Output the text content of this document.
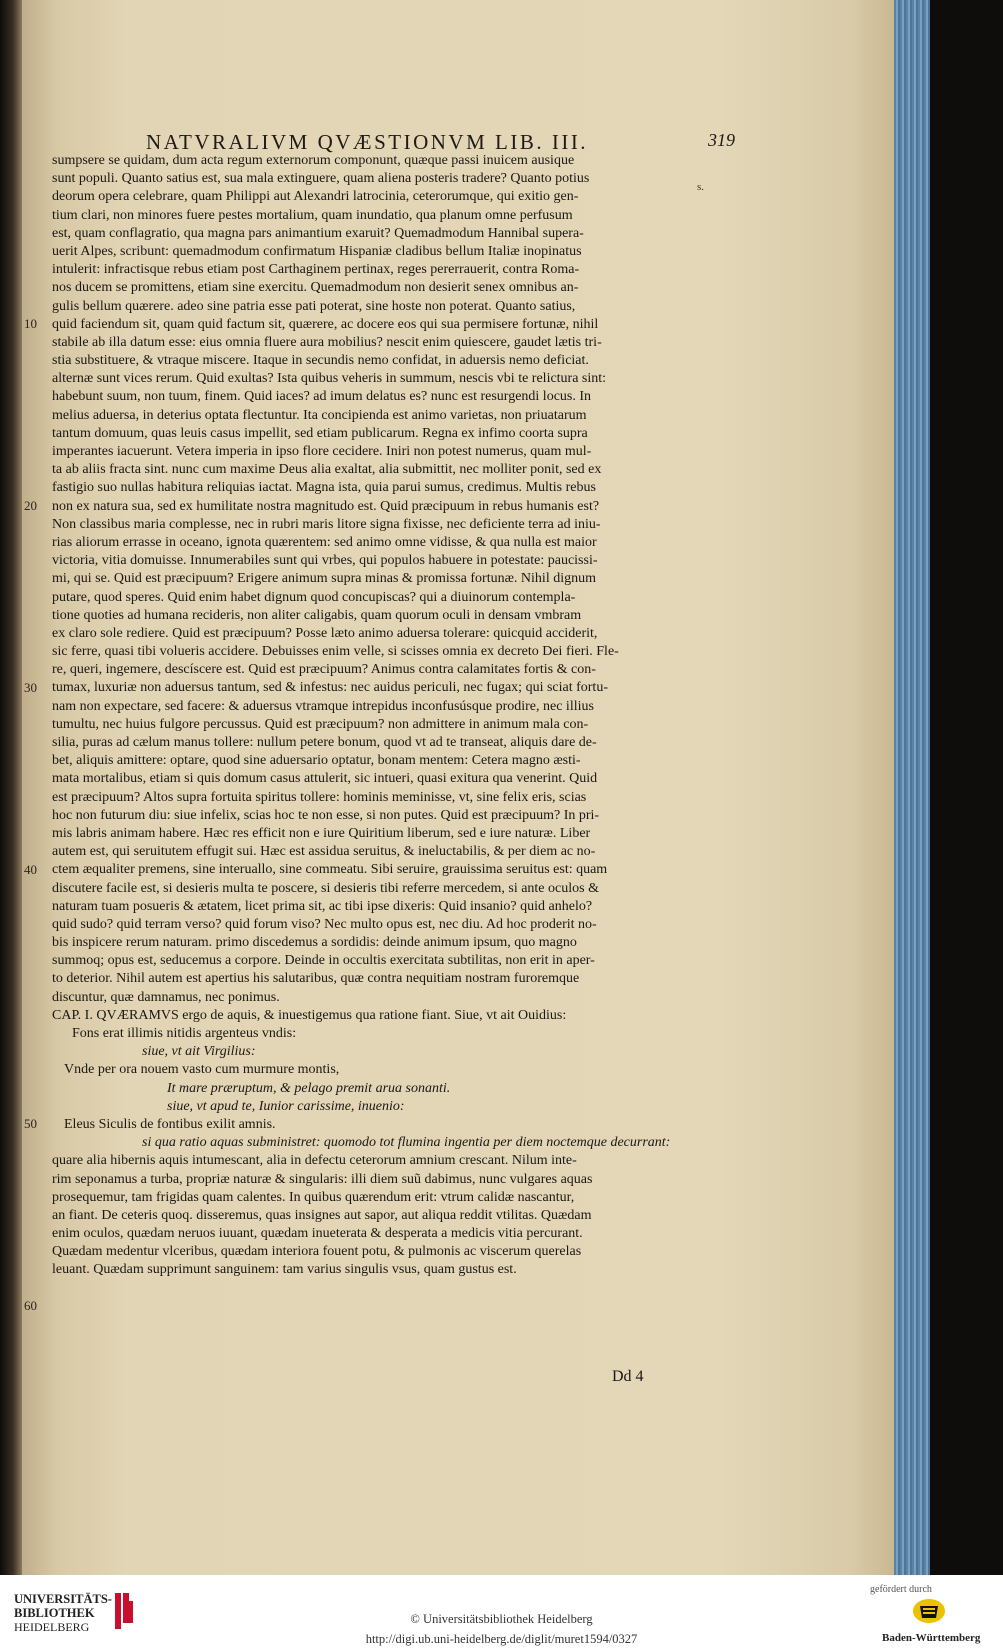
NATVRALIVM QVÆSTIONVM LIB. III.	319
s.
sumpsere se quidam, dum acta regum externorum componunt, quæque passi inuicem ausique
sunt populi. Quanto satius est, sua mala extinguere, quam aliena posteris tradere? Quanto potius
deorum opera celebrare, quam Philippi aut Alexandri latrocinia, ceterorumque, qui exitio gen-
tium clari, non minores fuere pestes mortalium, quam inundatio, qua planum omne perfusum
est, quam conflagratio, qua magna pars animantium exaruit? Quemadmodum Hannibal supera-
uerit Alpes, scribunt: quemadmodum confirmatum Hispaniæ cladibus bellum Italiæ inopinatus
intulerit: infractisque rebus etiam post Carthaginem pertinax, reges pererrauerit, contra Roma-
nos ducem se promittens, etiam sine exercitu. Quemadmodum non desierit senex omnibus an-
gulis bellum quærere. adeo sine patria esse pati poterat, sine hoste non poterat. Quanto satius,
quid faciendum sit, quam quid factum sit, quærere, ac docere eos qui sua permisere fortunæ, nihil
stabile ab illa datum esse: eius omnia fluere aura mobilius? nescit enim quiescere, gaudet lætis tri-
stia substituere, & vtraque miscere. Itaque in secundis nemo confidat, in aduersis nemo deficiat.
alternæ sunt vices rerum. Quid exultas? Ista quibus veheris in summum, nescis vbi te relictura sint:
habebunt suum, non tuum, finem. Quid iaces? ad imum delatus es? nunc est resurgendi locus. In
melius aduersa, in deterius optata flectuntur. Ita concipienda est animo varietas, non priuatarum
tantum domuum, quas leuis casus impellit, sed etiam publicarum. Regna ex infimo coorta supra
imperantes iacuerunt. Vetera imperia in ipso flore cecidere. Iniri non potest numerus, quam mul-
ta ab aliis fracta sint. nunc cum maxime Deus alia exaltat, alia submittit, nec molliter ponit, sed ex
fastigio suo nullas habitura reliquias iactat. Magna ista, quia parui sumus, credimus. Multis rebus
non ex natura sua, sed ex humilitate nostra magnitudo est. Quid præcipuum in rebus humanis est?
Non classibus maria complesse, nec in rubri maris litore signa fixisse, nec deficiente terra ad iniu-
rias aliorum errasse in oceano, ignota quærentem: sed animo omne vidisse, & qua nulla est maior
victoria, vitia domuisse. Innumerabiles sunt qui vrbes, qui populos habuere in potestate: paucissi-
mi, qui se. Quid est præcipuum? Erigere animum supra minas & promissa fortunæ. Nihil dignum
putare, quod speres. Quid enim habet dignum quod concupiscas? qui a diuinorum contempla-
tione quoties ad humana recideris, non aliter caligabis, quam quorum oculi in densam vmbram
ex claro sole rediere. Quid est præcipuum? Posse læto animo aduersa tolerare: quicquid acciderit,
sic ferre, quasi tibi volueris accidere. Debuisses enim velle, si scisses omnia ex decreto Dei fieri. Fle-
re, queri, ingemere, descíscere est. Quid est præcipuum? Animus contra calamitates fortis & con-
tumax, luxuriæ non aduersus tantum, sed & infestus: nec auidus periculi, nec fugax; qui sciat fortu-
nam non expectare, sed facere: & aduersus vtramque intrepidus inconfusúsque prodire, nec illius
tumultu, nec huius fulgore percussus. Quid est præcipuum? non admittere in animum mala con-
silia, puras ad cælum manus tollere: nullum petere bonum, quod vt ad te transeat, aliquis dare de-
bet, aliquis amittere: optare, quod sine aduersario optatur, bonam mentem: Cetera magno æsti-
mata mortalibus, etiam si quis domum casus attulerit, sic intueri, quasi exitura qua venerint. Quid
est præcipuum? Altos supra fortuita spiritus tollere: hominis meminisse, vt, sine felix eris, scias
hoc non futurum diu: siue infelix, scias hoc te non esse, si non putes. Quid est præcipuum? In pri-
mis labris animam habere. Hæc res efficit non e iure Quiritium liberum, sed e iure naturæ. Liber
autem est, qui seruitutem effugit sui. Hæc est assidua seruitus, & ineluctabilis, & per diem ac no-
ctem æqualiter premens, sine interuallo, sine commeatu. Sibi seruire, grauissima seruitus est: quam
discutere facile est, si desieris multa te poscere, si desieris tibi referre mercedem, si ante oculos &
naturam tuam posueris & ætatem, licet prima sit, ac tibi ipse dixeris: Quid insanio? quid anhelo?
quid sudo? quid terram verso? quid forum viso? Nec multo opus est, nec diu. Ad hoc proderit no-
bis inspicere rerum naturam. primo discedemus a sordidis: deinde animum ipsum, quo magno
summoq; opus est, seducemus a corpore. Deinde in occultis exercitata subtilitas, non erit in aper-
to deterior. Nihil autem est apertius his salutaribus, quæ contra nequitiam nostram furoremque
discuntur, quæ damnamus, nec ponimus.
CAP. I. QVÆRAMVS ergo de aquis, & inuestigemus qua ratione fiant. Siue, vt ait Ouidius:
Fons erat illimis nitidis argenteus vndis:
siue, vt ait Virgilius:
Vnde per ora nouem vasto cum murmure montis,
It mare præruptum, & pelago premit arua sonanti.
siue, vt apud te, Iunior carissime, inuenio:
Eleus Siculis de fontibus exilit amnis.
si qua ratio aquas subministret: quomodo tot flumina ingentia per diem noctemque decurrant:
quare alia hibernis aquis intumescant, alia in defectu ceterorum amnium crescant. Nilum inte-
rim seponamus a turba, propriæ naturæ & singularis: illi diem suũ dabimus, nunc vulgares aquas
prosequemur, tam frigidas quam calentes. In quibus quærendum erit: vtrum calidæ nascantur,
an fiant. De ceteris quoq. disseremus, quas insignes aut sapor, aut aliqua reddit vtilitas. Quædam
enim oculos, quædam neruos iuuant, quædam inueterata & desperata a medicis vitia percurant.
Quædam medentur vlceribus, quædam interiora fouent potu, & pulmonis ac viscerum querelas
leuant. Quædam supprimunt sanguinem: tam varius singulis vsus, quam gustus est.
10
20
30
40
50
60
Dd 4
UNIVERSITÄTS-
BIBLIOTHEK
HEIDELBERG
© Universitätsbibliothek Heidelberg
http://digi.ub.uni-heidelberg.de/diglit/muret1594/0327
gefördert durch
Baden-Württemberg
